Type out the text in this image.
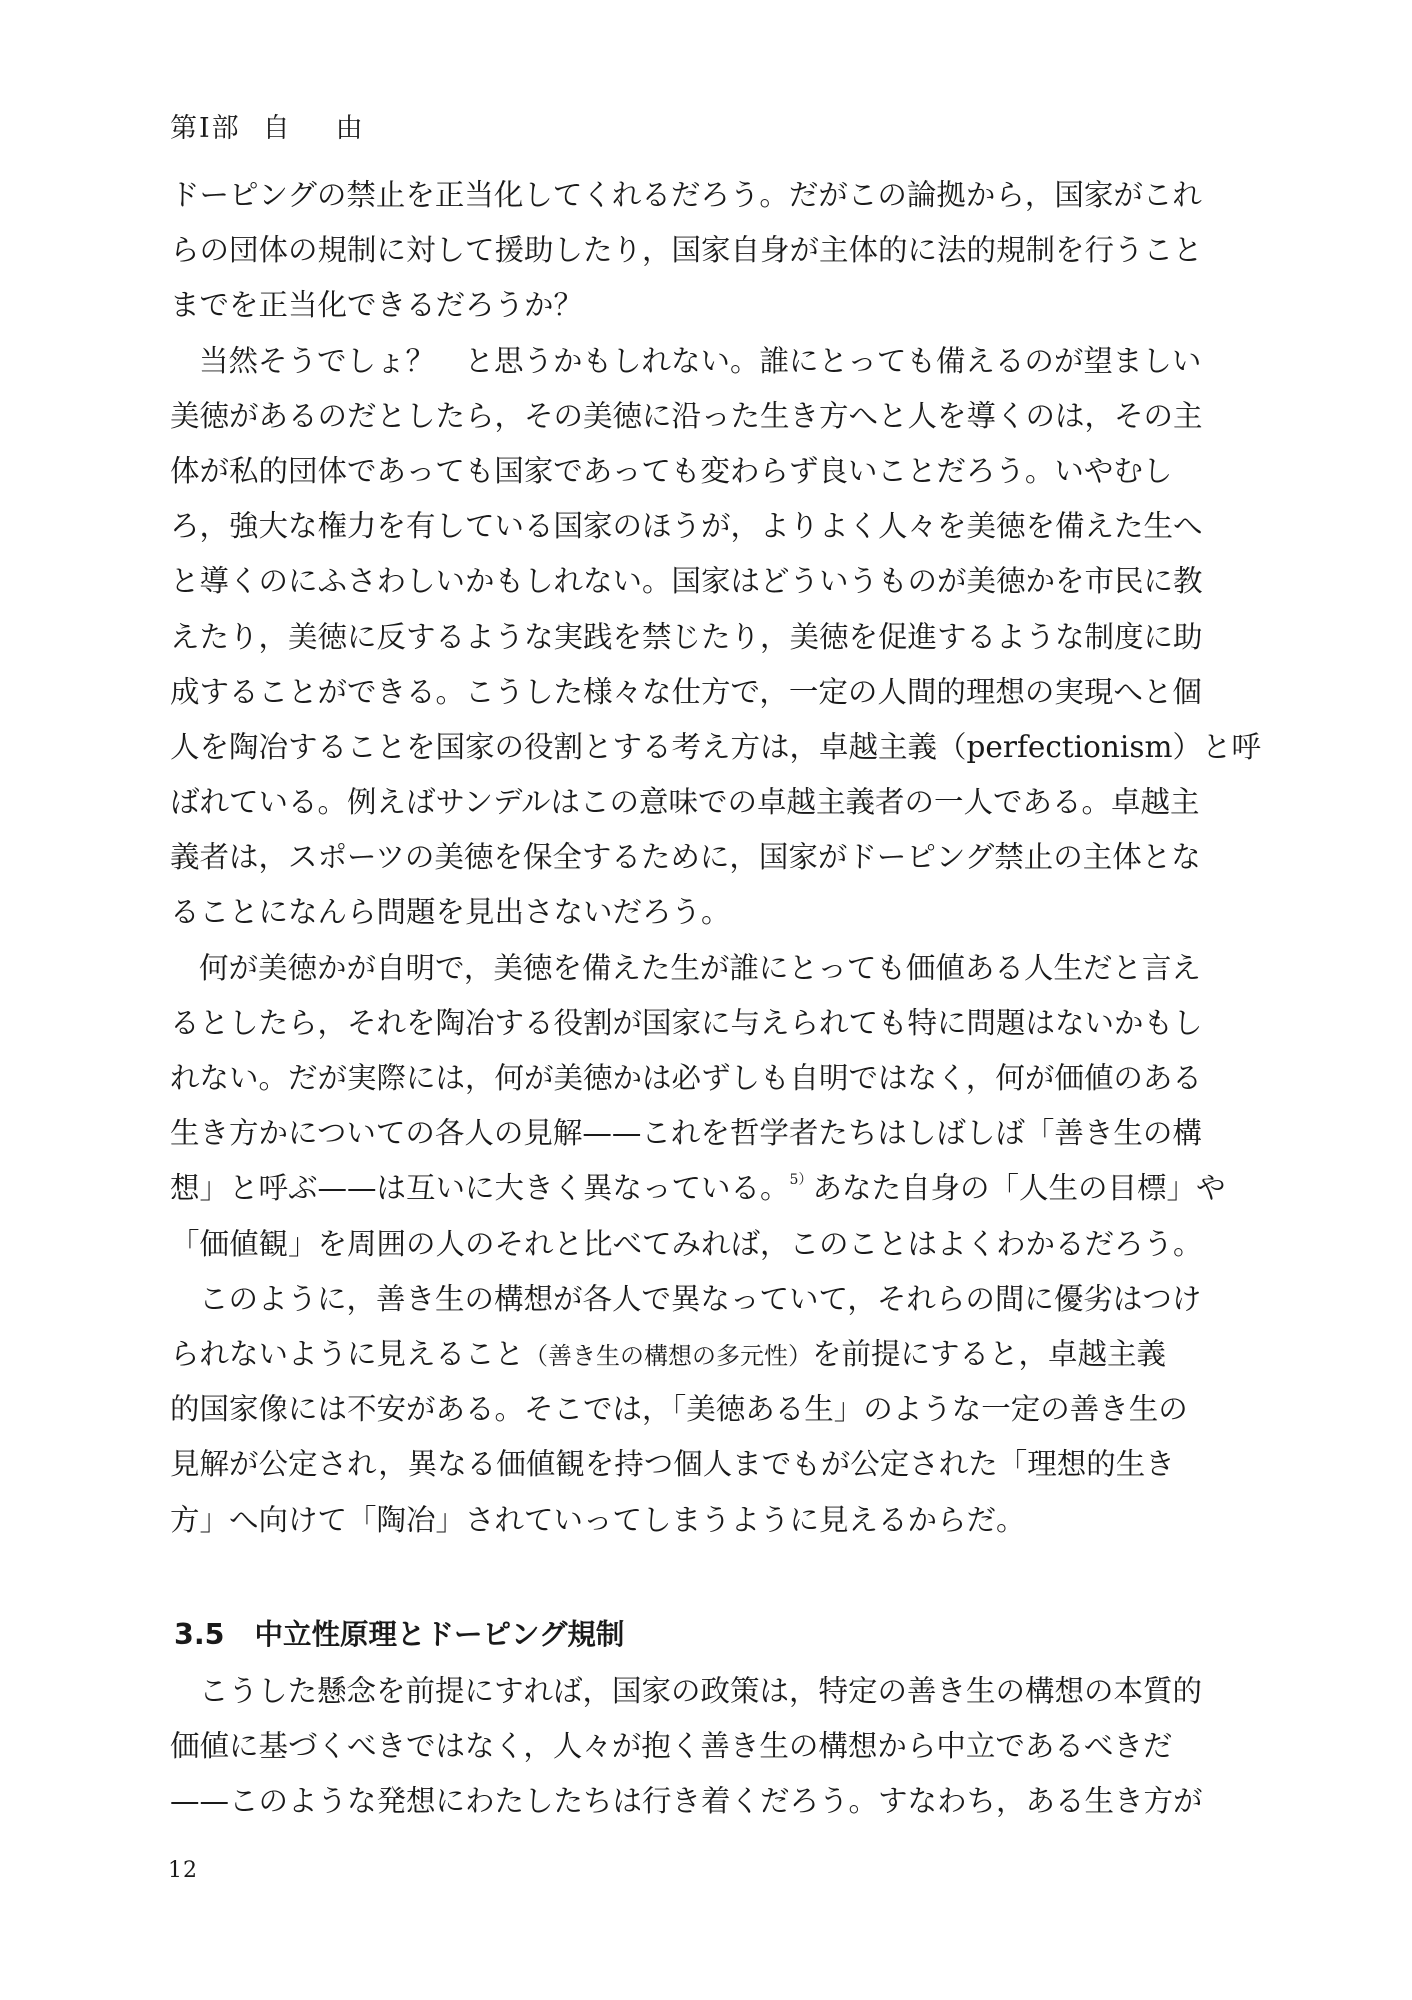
第Ⅰ部 自 由
ドーピングの禁止を正当化してくれるだろう。だがこの論拠から，国家がこれ
らの団体の規制に対して援助したり，国家自身が主体的に法的規制を行うこと
までを正当化できるだろうか？
当然そうでしょ？　と思うかもしれない。誰にとっても備えるのが望ましい
美徳があるのだとしたら，その美徳に沿った生き方へと人を導くのは，その主
体が私的団体であっても国家であっても変わらず良いことだろう。いやむし
ろ，強大な権力を有している国家のほうが，よりよく人々を美徳を備えた生へ
と導くのにふさわしいかもしれない。国家はどういうものが美徳かを市民に教
えたり，美徳に反するような実践を禁じたり，美徳を促進するような制度に助
成することができる。こうした様々な仕方で，一定の人間的理想の実現へと個
人を陶冶することを国家の役割とする考え方は，卓越主義（perfectionism）と呼
ばれている。例えばサンデルはこの意味での卓越主義者の一人である。卓越主
義者は，スポーツの美徳を保全するために，国家がドーピング禁止の主体とな
ることになんら問題を見出さないだろう。
何が美徳かが自明で，美徳を備えた生が誰にとっても価値ある人生だと言え
るとしたら，それを陶冶する役割が国家に与えられても特に問題はないかもし
れない。だが実際には，何が美徳かは必ずしも自明ではなく，何が価値のある
生き方かについての各人の見解——これを哲学者たちはしばしば「善き生の構
想」と呼ぶ——は互いに大きく異なっている。$^{5)}$あなた自身の「人生の目標」や
「価値観」を周囲の人のそれと比べてみれば，このことはよくわかるだろう。
このように，善き生の構想が各人で異なっていて，それらの間に優劣はつけ
られないように見えること（善き生の構想の多元性）を前提にすると，卓越主義
的国家像には不安がある。そこでは，「美徳ある生」のような一定の善き生の
見解が公定され，異なる価値観を持つ個人までもが公定された「理想的生き
方」へ向けて「陶冶」されていってしまうように見えるからだ。
3.5 中立性原理とドーピング規制
こうした懸念を前提にすれば，国家の政策は，特定の善き生の構想の本質的
価値に基づくべきではなく，人々が抱く善き生の構想から中立であるべきだ
——このような発想にわたしたちは行き着くだろう。すなわち，ある生き方が
12
